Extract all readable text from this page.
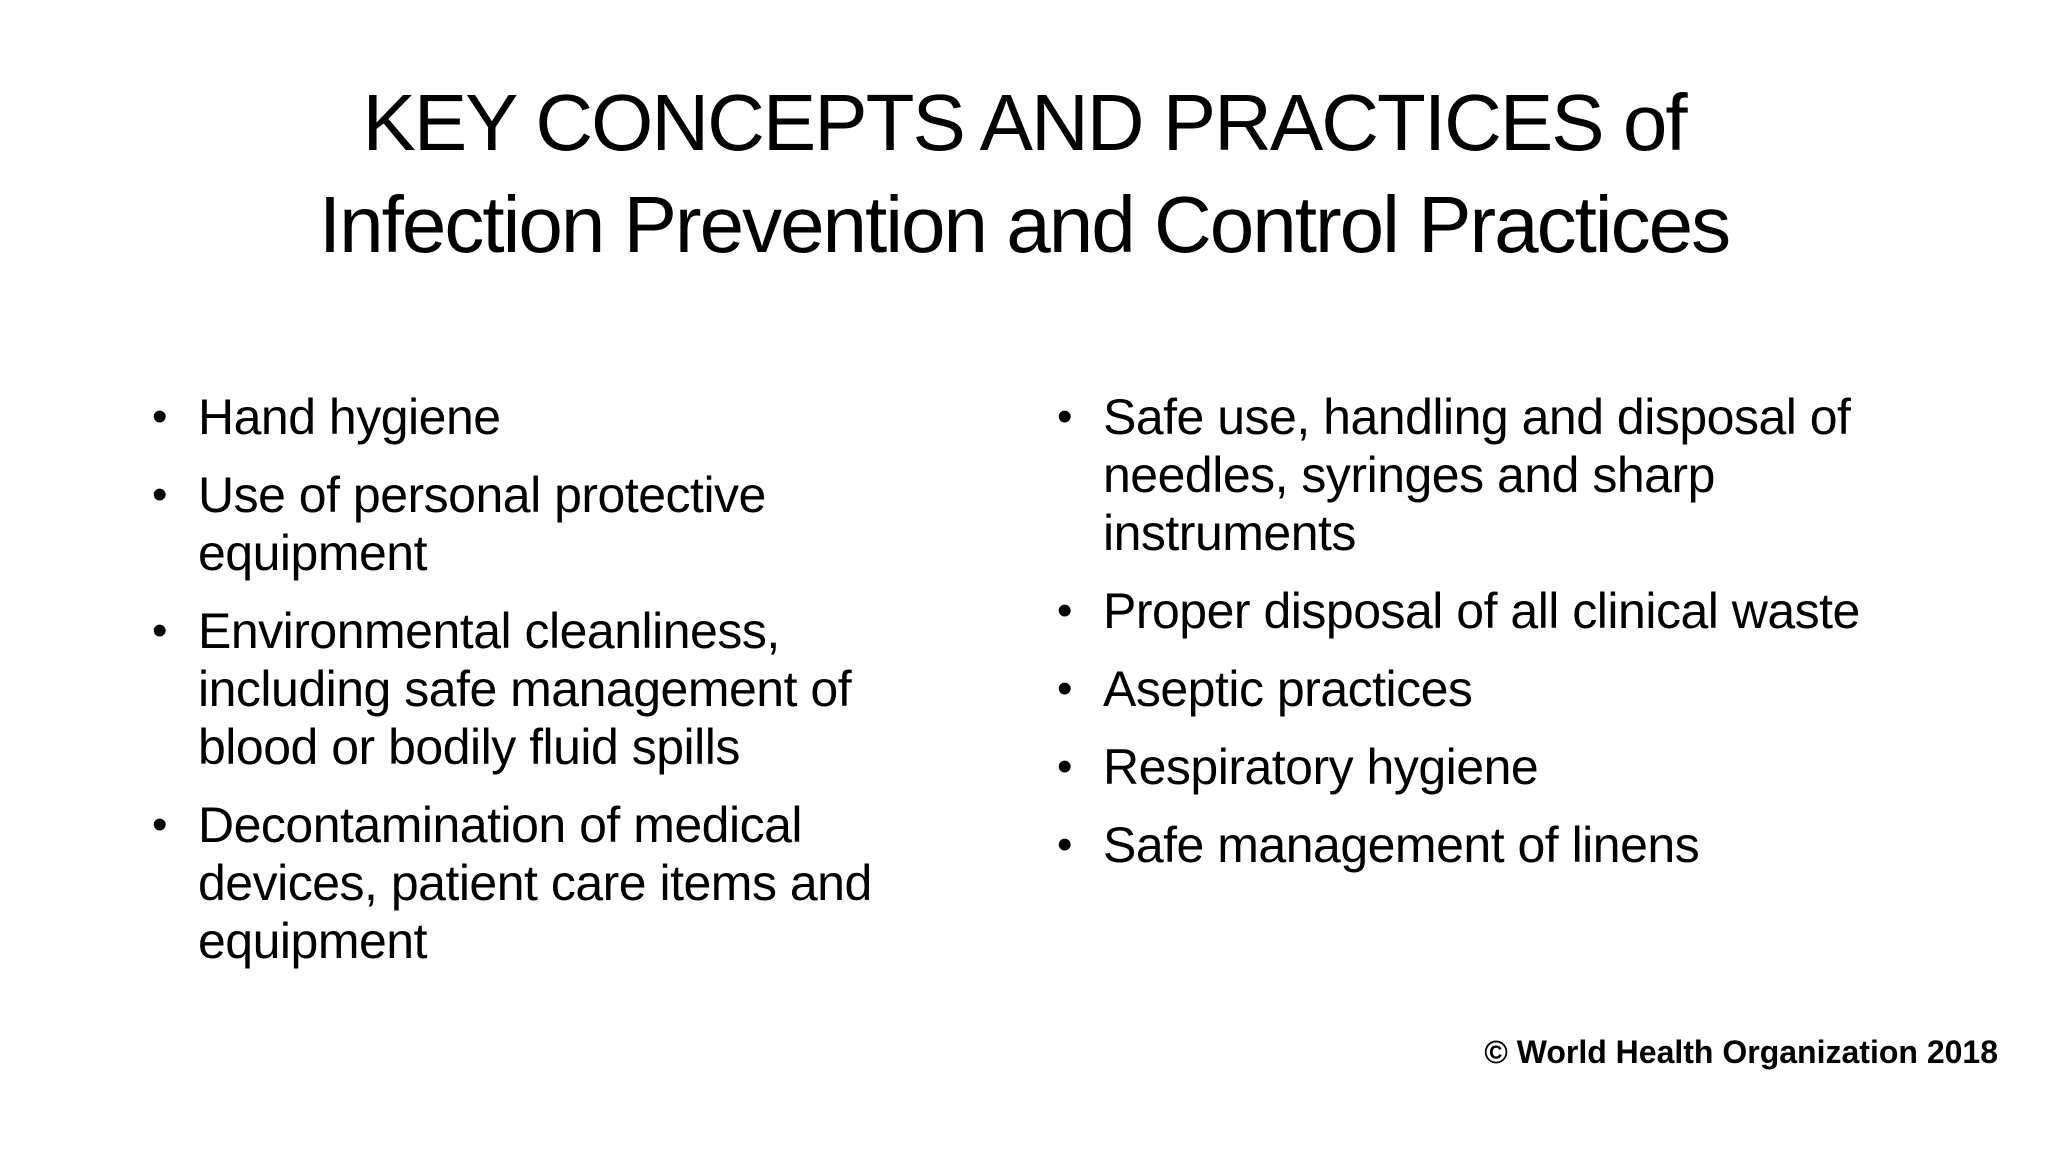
KEY CONCEPTS AND PRACTICES of
Infection Prevention and Control Practices
• Hand hygiene
• Use of personal protective equipment
• Environmental cleanliness, including safe management of blood or bodily fluid spills
• Decontamination of medical devices, patient care items and equipment
• Safe use, handling and disposal of needles, syringes and sharp instruments
• Proper disposal of all clinical waste
• Aseptic practices
• Respiratory hygiene
• Safe management of linens
© World Health Organization 2018
